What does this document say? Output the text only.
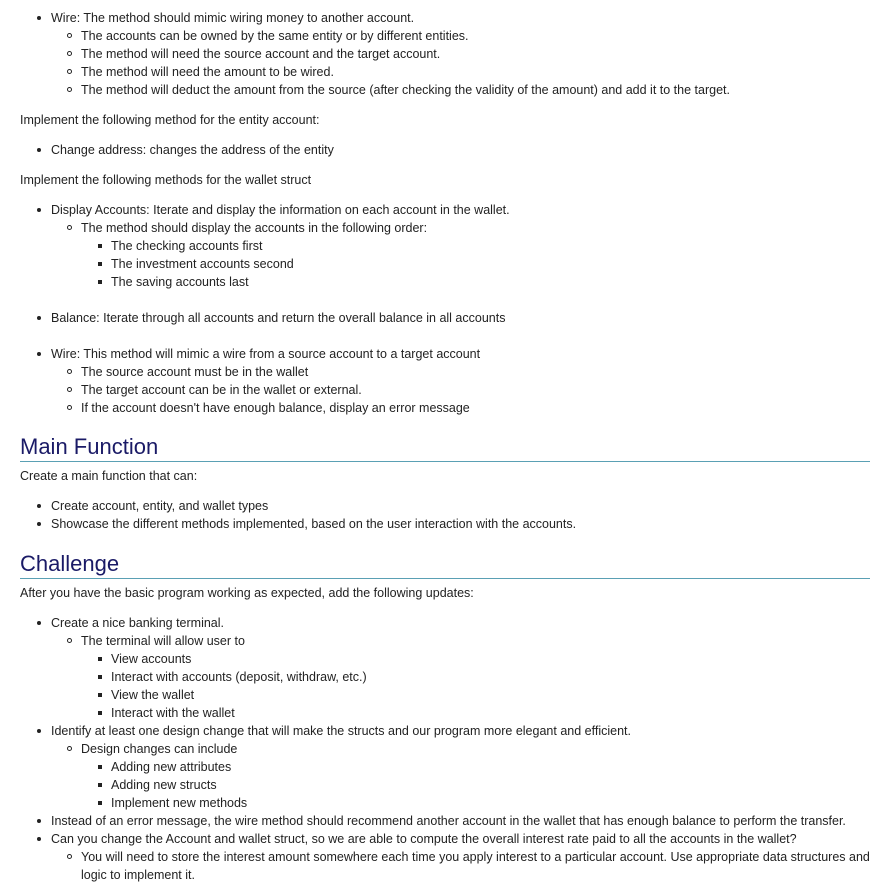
Wire: The method should mimic wiring money to another account.
The accounts can be owned by the same entity or by different entities.
The method will need the source account and the target account.
The method will need the amount to be wired.
The method will deduct the amount from the source (after checking the validity of the amount) and add it to the target.

Implement the following method for the entity account:

Change address: changes the address of the entity

Implement the following methods for the wallet struct

Display Accounts: Iterate and display the information on each account in the wallet.
The method should display the accounts in the following order:
The checking accounts first
The investment accounts second
The saving accounts last
Balance: Iterate through all accounts and return the overall balance in all accounts
Wire: This method will mimic a wire from a source account to a target account
The source account must be in the wallet
The target account can be in the wallet or external.
If the account doesn't have enough balance, display an error message
Main Function

Create a main function that can:

Create account, entity, and wallet types
Showcase the different methods implemented, based on the user interaction with the accounts.
Challenge

After you have the basic program working as expected, add the following updates:

Create a nice banking terminal.
The terminal will allow user to
View accounts
Interact with accounts (deposit, withdraw, etc.)
View the wallet
Interact with the wallet
Identify at least one design change that will make the structs and our program more elegant and efficient.
Design changes can include
Adding new attributes
Adding new structs
Implement new methods
Instead of an error message, the wire method should recommend another account in the wallet that has enough balance to perform the transfer.
Can you change the Account and wallet struct, so we are able to compute the overall interest rate paid to all the accounts in the wallet?
You will need to store the interest amount somewhere each time you apply interest to a particular account. Use appropriate data structures and logic to implement it.
